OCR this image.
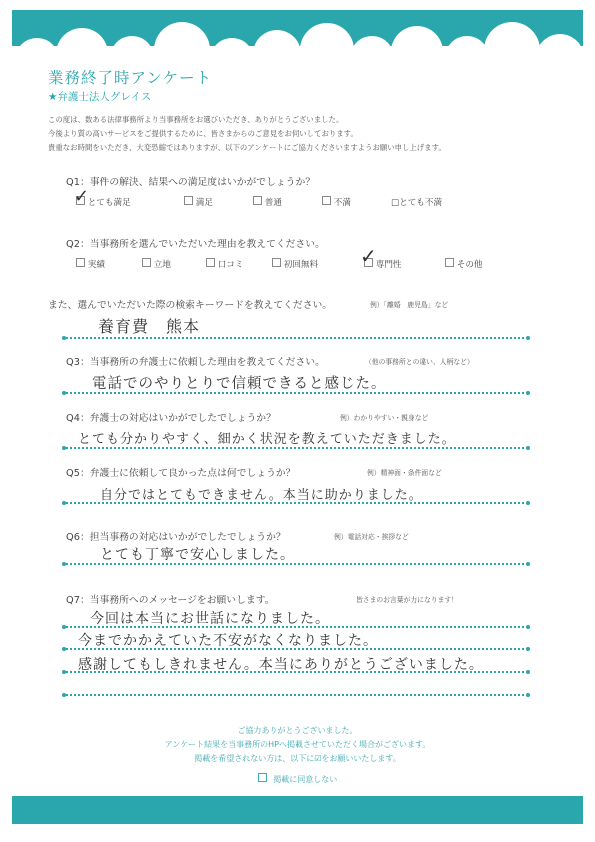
業務終了時アンケート
★弁護士法人グレイス
この度は、数ある法律事務所より当事務所をお選びいただき、ありがとうございました。
今後より質の高いサービスをご提供するために、皆さまからのご意見をお伺いしております。
貴重なお時間をいただき、大変恐縮ではありますが、以下のアンケートにご協力くださいますようお願い申し上げます。
Q1：事件の解決、結果への満足度はいかがでしょうか？
とても満足
✓	満足	普通	不満	□とても不満
Q2：当事務所を選んでいただいた理由を教えてください。
実績	立地	口コミ	初回無料	専門性
✓	その他
また、選んでいただいた際の検索キーワードを教えてください。	例）「離婚　鹿児島」など
養育費　熊本
Q3：当事務所の弁護士に依頼した理由を教えてください。	（他の事務所との違い、人柄など）
電話でのやりとりで信頼できると感じた。
Q4：弁護士の対応はいかがでしたでしょうか？	例）わかりやすい・親身など
とても分かりやすく、細かく状況を教えていただきました。
Q5：弁護士に依頼して良かった点は何でしょうか？	例）精神面・条件面など
自分ではとてもできません。本当に助かりました。
Q6：担当事務の対応はいかがでしたでしょうか？	例）電話対応・挨拶など
とても丁寧で安心しました。
Q7：当事務所へのメッセージをお願いします。	皆さまのお言葉が力になります！
今回は本当にお世話になりました。
今までかかえていた不安がなくなりました。
感謝してもしきれません。本当にありがとうございました。
ご協力ありがとうございました。
アンケート結果を当事務所のHPへ掲載させていただく場合がございます。
掲載を希望されない方は、以下に☑をお願いいたします。
掲載に同意しない
